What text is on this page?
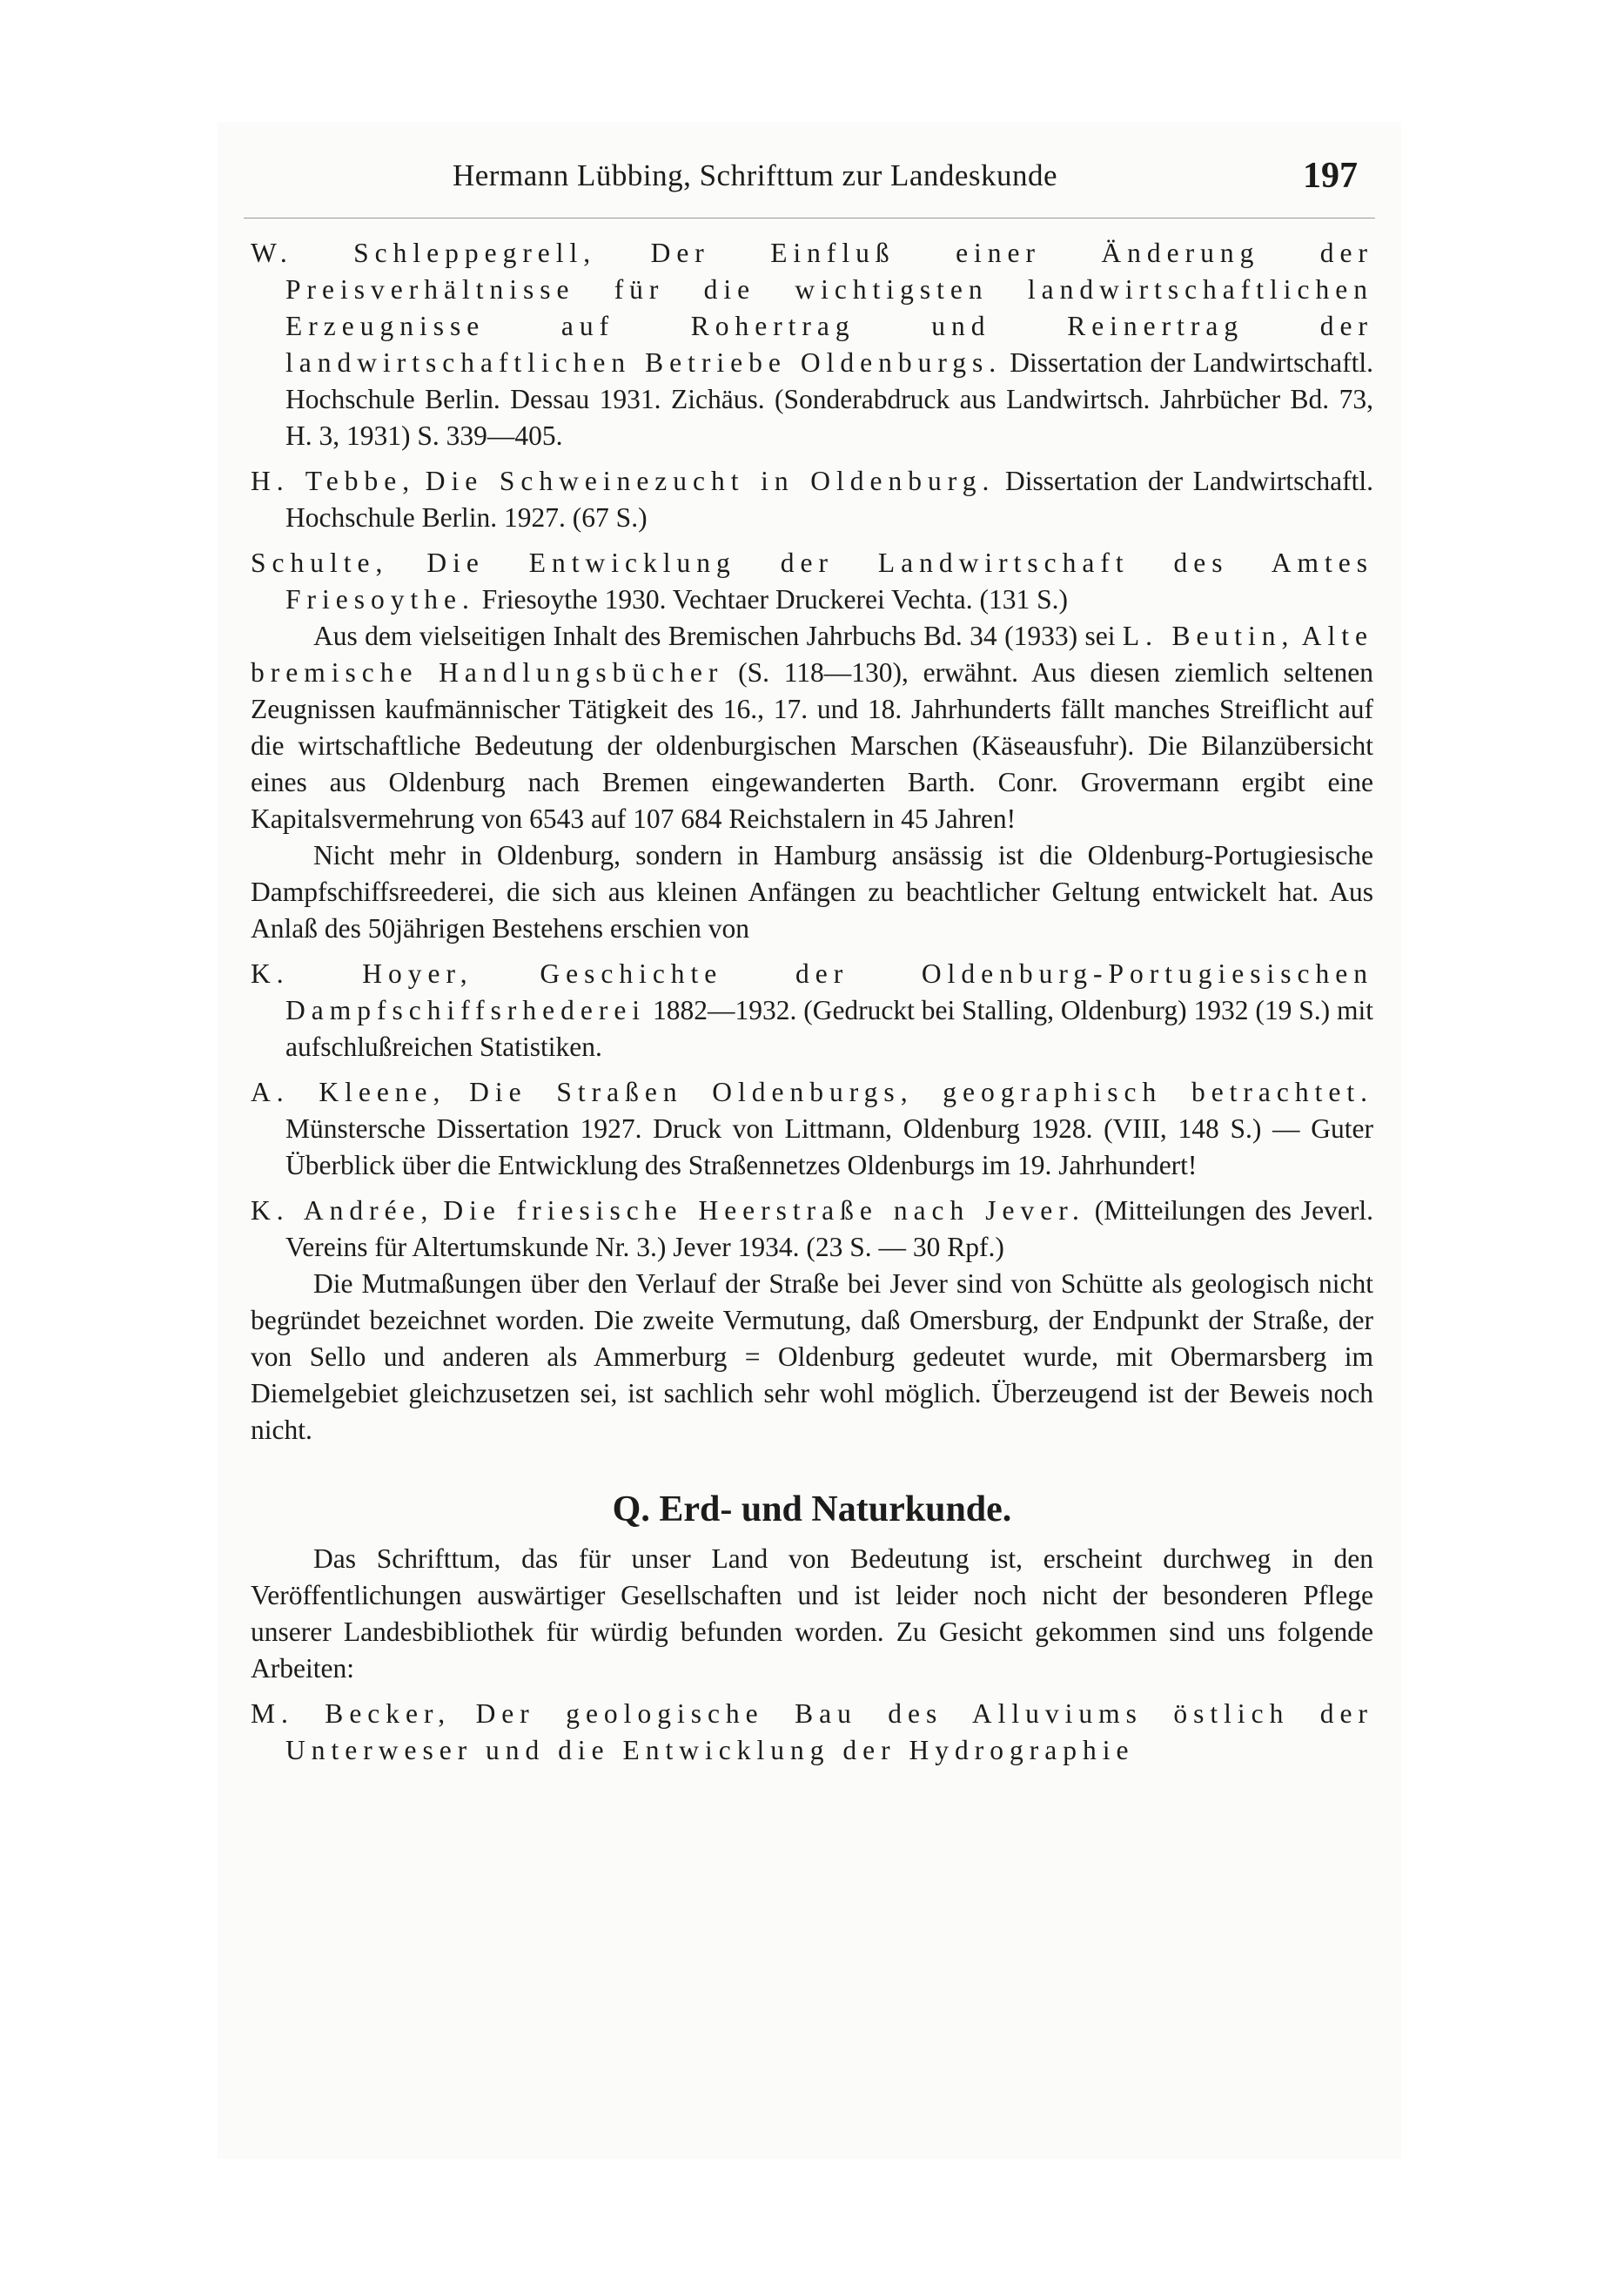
Hermann Lübbing, Schrifttum zur Landeskunde	197

W. Schleppegrell, Der Einfluß einer Änderung der Preisverhältnisse für die wichtigsten landwirtschaftlichen Erzeugnisse auf Rohertrag und Reinertrag der landwirtschaftlichen Betriebe Oldenburgs. Dissertation der Landwirtschaftl. Hochschule Berlin. Dessau 1931. Zichäus. (Sonderabdruck aus Landwirtsch. Jahrbücher Bd. 73, H. 3, 1931) S. 339—405.

H. Tebbe, Die Schweinezucht in Oldenburg. Dissertation der Landwirtschaftl. Hochschule Berlin. 1927. (67 S.)

Schulte, Die Entwicklung der Landwirtschaft des Amtes Friesoythe. Friesoythe 1930. Vechtaer Druckerei Vechta. (131 S.)

Aus dem vielseitigen Inhalt des Bremischen Jahrbuchs Bd. 34 (1933) sei L. Beutin, Alte bremische Handlungsbücher (S. 118—130), erwähnt. Aus diesen ziemlich seltenen Zeugnissen kaufmännischer Tätigkeit des 16., 17. und 18. Jahrhunderts fällt manches Streiflicht auf die wirtschaftliche Bedeutung der oldenburgischen Marschen (Käseausfuhr). Die Bilanzübersicht eines aus Oldenburg nach Bremen eingewanderten Barth. Conr. Grovermann ergibt eine Kapitalsvermehrung von 6543 auf 107 684 Reichstalern in 45 Jahren!

Nicht mehr in Oldenburg, sondern in Hamburg ansässig ist die Oldenburg-Portugiesische Dampfschiffsreederei, die sich aus kleinen Anfängen zu beachtlicher Geltung entwickelt hat. Aus Anlaß des 50jährigen Bestehens erschien von

K. Hoyer, Geschichte der Oldenburg-Portugiesischen Dampfschiffsrhederei 1882—1932. (Gedruckt bei Stalling, Oldenburg) 1932 (19 S.) mit aufschlußreichen Statistiken.

A. Kleene, Die Straßen Oldenburgs, geographisch betrachtet. Münstersche Dissertation 1927. Druck von Littmann, Oldenburg 1928. (VIII, 148 S.) — Guter Überblick über die Entwicklung des Straßennetzes Oldenburgs im 19. Jahrhundert!

K. Andrée, Die friesische Heerstraße nach Jever. (Mitteilungen des Jeverl. Vereins für Altertumskunde Nr. 3.) Jever 1934. (23 S. — 30 Rpf.)

Die Mutmaßungen über den Verlauf der Straße bei Jever sind von Schütte als geologisch nicht begründet bezeichnet worden. Die zweite Vermutung, daß Omersburg, der Endpunkt der Straße, der von Sello und anderen als Ammerburg = Oldenburg gedeutet wurde, mit Obermarsberg im Diemelgebiet gleichzusetzen sei, ist sachlich sehr wohl möglich. Überzeugend ist der Beweis noch nicht.

Q. Erd- und Naturkunde.

Das Schrifttum, das für unser Land von Bedeutung ist, erscheint durchweg in den Veröffentlichungen auswärtiger Gesellschaften und ist leider noch nicht der besonderen Pflege unserer Landesbibliothek für würdig befunden worden. Zu Gesicht gekommen sind uns folgende Arbeiten:

M. Becker, Der geologische Bau des Alluviums östlich der Unterweser und die Entwicklung der Hydrographie
